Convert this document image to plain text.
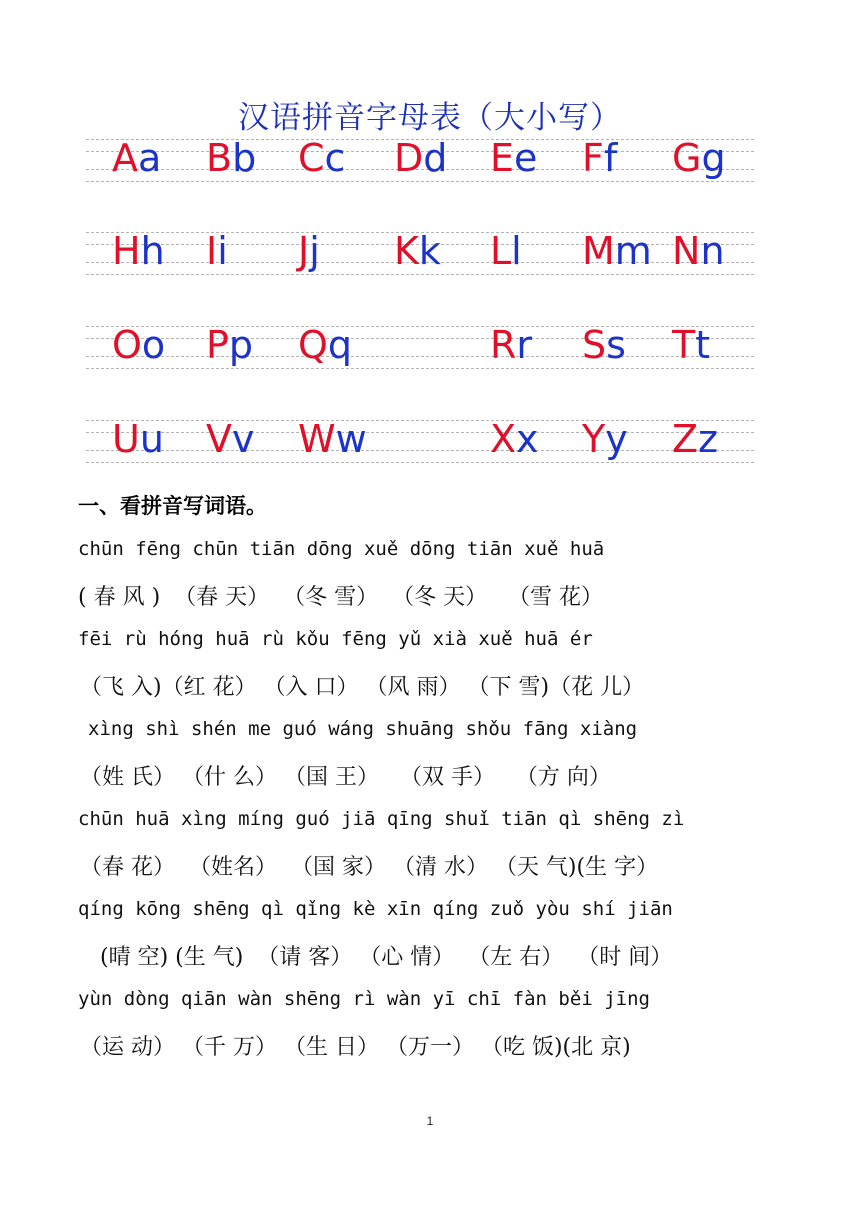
汉语拼音字母表（大小写）
Aa Bb Cc Dd Ee Ff Gg
Hh Ii Jj Kk Ll Mm Nn
Oo Pp Qq	Rr Ss Tt
Uu Vv Ww	Xx Yy Zz
一、看拼音写词语。
chūn fēng chūn tiān dōng xuě dōng tiān xuě huā
( 春 风 )  （春 天）  （冬 雪）  （冬 天）   （雪 花）
fēi rù hóng huā rù kǒu fēng yǔ xià xuě huā ér
（飞 入)（红 花） （入 口） （风 雨） （下 雪)（花 儿）
xìng shì shén me guó wáng shuāng shǒu fāng xiàng
（姓 氏） （什 么） （国 王）   （双 手）   （方 向）
chūn huā xìng míng guó jiā qīng shuǐ tiān qì shēng zì
（春 花）  （姓名）  （国 家） （清 水） （天 气)(生 字）
qíng kōng shēng qì qǐng kè xīn qíng zuǒ yòu shí jiān
(晴 空) (生 气)  （请 客） （心 情）  （左 右）  （时 间）
yùn dòng qiān wàn shēng rì wàn yī chī fàn běi jīng
（运 动） （千 万） （生 日） （万一） （吃 饭)(北 京)
1
